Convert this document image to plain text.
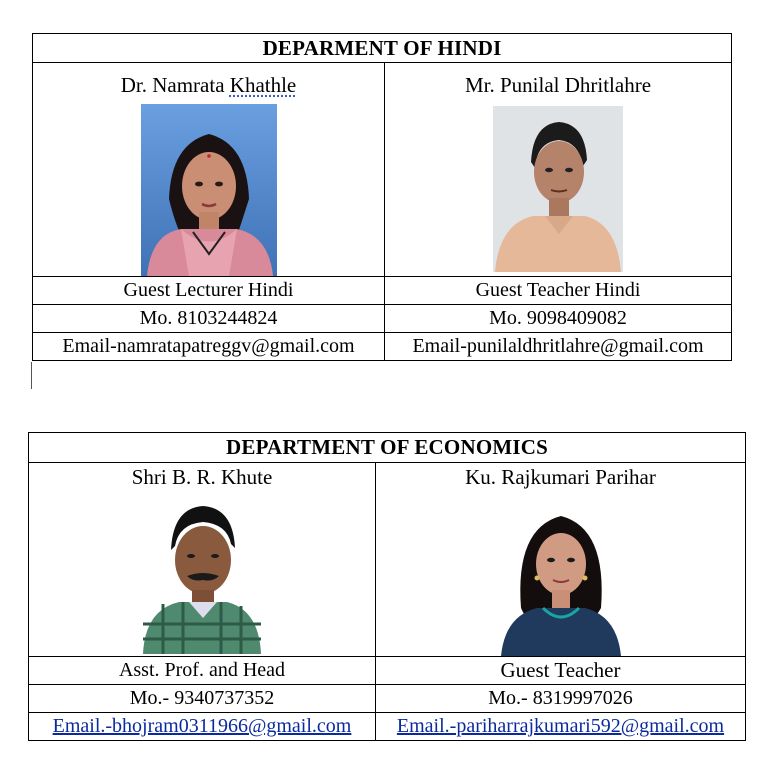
DEPARMENT OF HINDI	

Dr. Namrata Khathle	Mr. Punilal Dhritlahre

Guest Lecturer Hindi	Guest Teacher Hindi
Mo. 8103244824	Mo. 9098409082
Email-namratapatreggv@gmail.com	Email-punilaldhritlahre@gmail.com
DEPARTMENT OF ECONOMICS	

Shri B. R. Khute	Ku. Rajkumari Parihar

Asst. Prof. and Head	Guest Teacher
Mo.- 9340737352	Mo.- 8319997026
Email.-bhojram0311966@gmail.com	Email.-pariharrajkumari592@gmail.com
